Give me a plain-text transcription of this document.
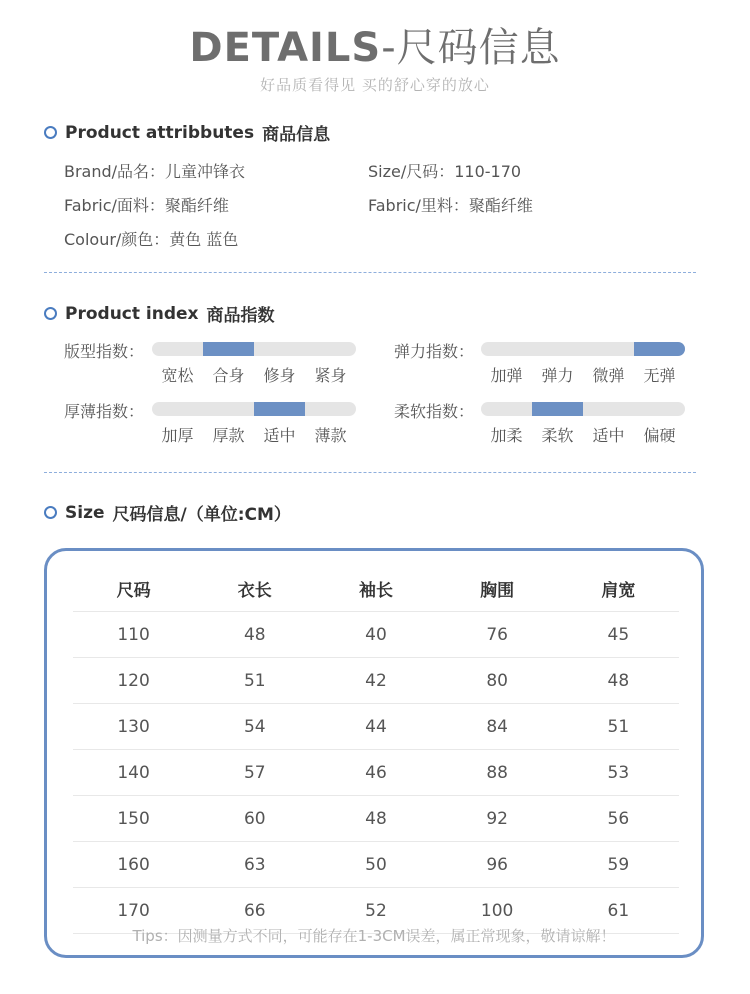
DETAILS-尺码信息
好品质看得见 买的舒心穿的放心
Product attribbutes 商品信息
Brand/品名：儿童冲锋衣	Size/尺码：110-170
Fabric/面料：聚酯纤维	Fabric/里料：聚酯纤维
Colour/颜色：黄色 蓝色
Product index 商品指数
版型指数：
宽松	合身	修身	紧身
弹力指数：
加弹	弹力	微弹	无弹
厚薄指数：
加厚	厚款	适中	薄款
柔软指数：
加柔	柔软	适中	偏硬
Size 尺码信息/（单位:CM）
尺码	衣长	袖长	胸围	肩宽
110	48	40	76	45
120	51	42	80	48
130	54	44	84	51
140	57	46	88	53
150	60	48	92	56
160	63	50	96	59
170	66	52	100	61
Tips：因测量方式不同，可能存在1-3CM误差，属正常现象，敬请谅解！
